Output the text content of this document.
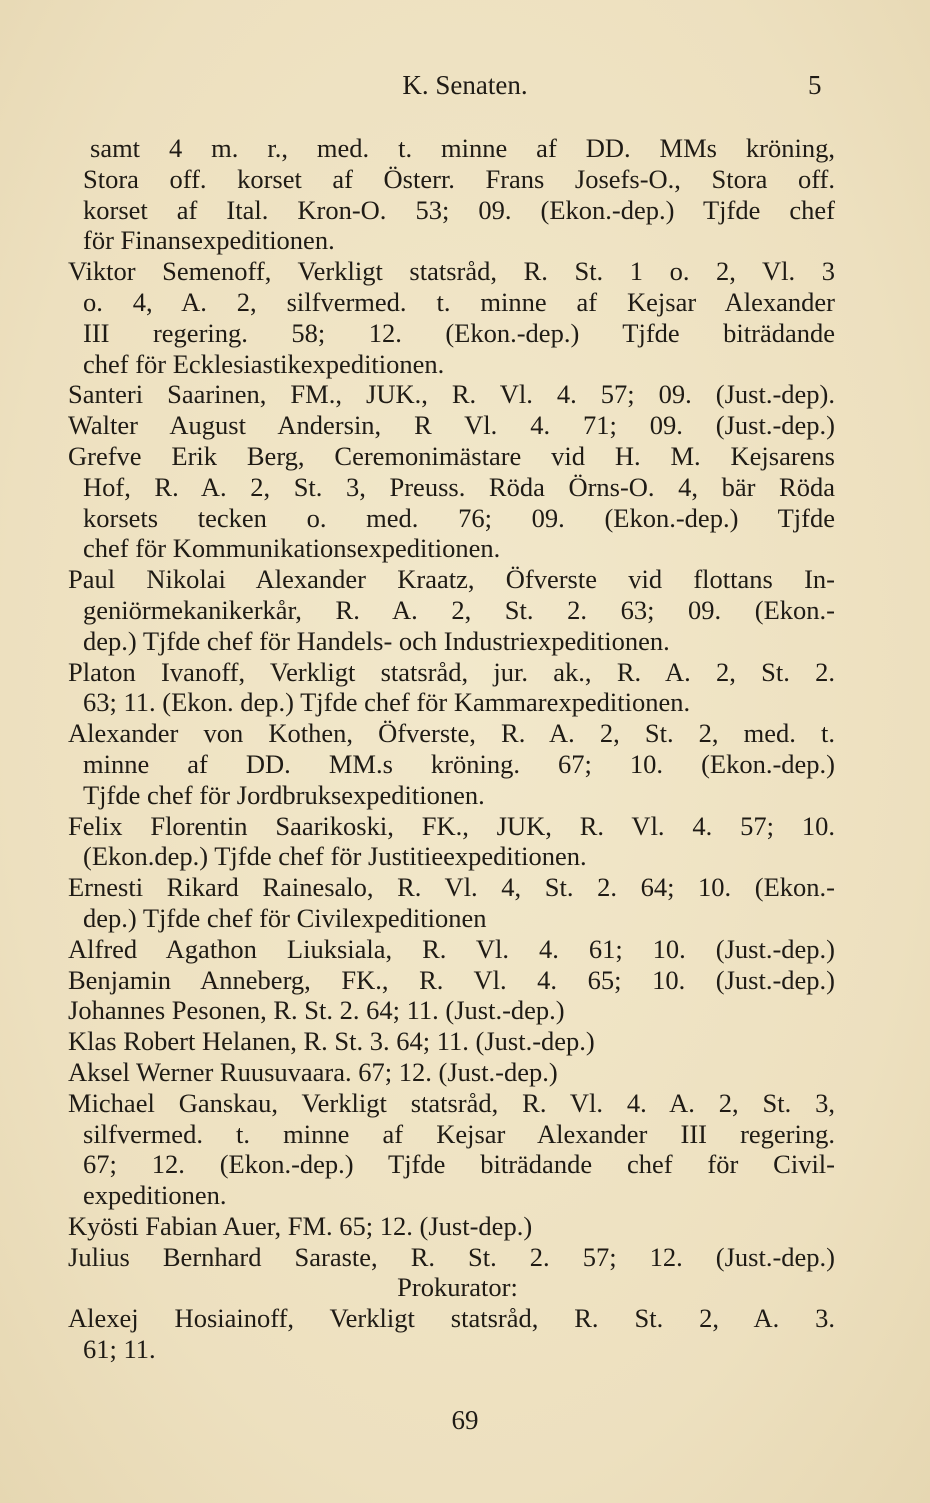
K. Senaten.	5
samt 4 m. r., med. t. minne af DD. MMs kröning,
Stora off. korset af Österr. Frans Josefs-O., Stora off.
korset af Ital. Kron-O. 53; 09. (Ekon.-dep.) Tjfde chef
för Finansexpeditionen.
Viktor Semenoff, Verkligt statsråd, R. St. 1 o. 2, Vl. 3
o. 4, A. 2, silfvermed. t. minne af Kejsar Alexander
III regering. 58; 12. (Ekon.-dep.) Tjfde biträdande
chef för Ecklesiastikexpeditionen.
Santeri Saarinen, FM., JUK., R. Vl. 4. 57; 09. (Just.-dep).
Walter August Andersin, R Vl. 4. 71; 09. (Just.-dep.)
Grefve Erik Berg, Ceremonimästare vid H. M. Kejsarens
Hof, R. A. 2, St. 3, Preuss. Röda Örns-O. 4, bär Röda
korsets tecken o. med. 76; 09. (Ekon.-dep.) Tjfde
chef för Kommunikationsexpeditionen.
Paul Nikolai Alexander Kraatz, Öfverste vid flottans In-
geniörmekanikerkår, R. A. 2, St. 2. 63; 09. (Ekon.-
dep.) Tjfde chef för Handels- och Industriexpeditionen.
Platon Ivanoff, Verkligt statsråd, jur. ak., R. A. 2, St. 2.
63; 11. (Ekon. dep.) Tjfde chef för Kammarexpeditionen.
Alexander von Kothen, Öfverste, R. A. 2, St. 2, med. t.
minne af DD. MM.s kröning. 67; 10. (Ekon.-dep.)
Tjfde chef för Jordbruksexpeditionen.
Felix Florentin Saarikoski, FK., JUK, R. Vl. 4. 57; 10.
(Ekon.dep.) Tjfde chef för Justitieexpeditionen.
Ernesti Rikard Rainesalo, R. Vl. 4, St. 2. 64; 10. (Ekon.-
dep.) Tjfde chef för Civilexpeditionen
Alfred Agathon Liuksiala, R. Vl. 4. 61; 10. (Just.-dep.)
Benjamin Anneberg, FK., R. Vl. 4. 65; 10. (Just.-dep.)
Johannes Pesonen, R. St. 2. 64; 11. (Just.-dep.)
Klas Robert Helanen, R. St. 3. 64; 11. (Just.-dep.)
Aksel Werner Ruusuvaara. 67; 12. (Just.-dep.)
Michael Ganskau, Verkligt statsråd, R. Vl. 4. A. 2, St. 3,
silfvermed. t. minne af Kejsar Alexander III regering.
67; 12. (Ekon.-dep.) Tjfde biträdande chef för Civil-
expeditionen.
Kyösti Fabian Auer, FM. 65; 12. (Just-dep.)
Julius Bernhard Saraste, R. St. 2. 57; 12. (Just.-dep.)
Prokurator:
Alexej Hosiainoff, Verkligt statsråd, R. St. 2, A. 3.
61; 11.
69
